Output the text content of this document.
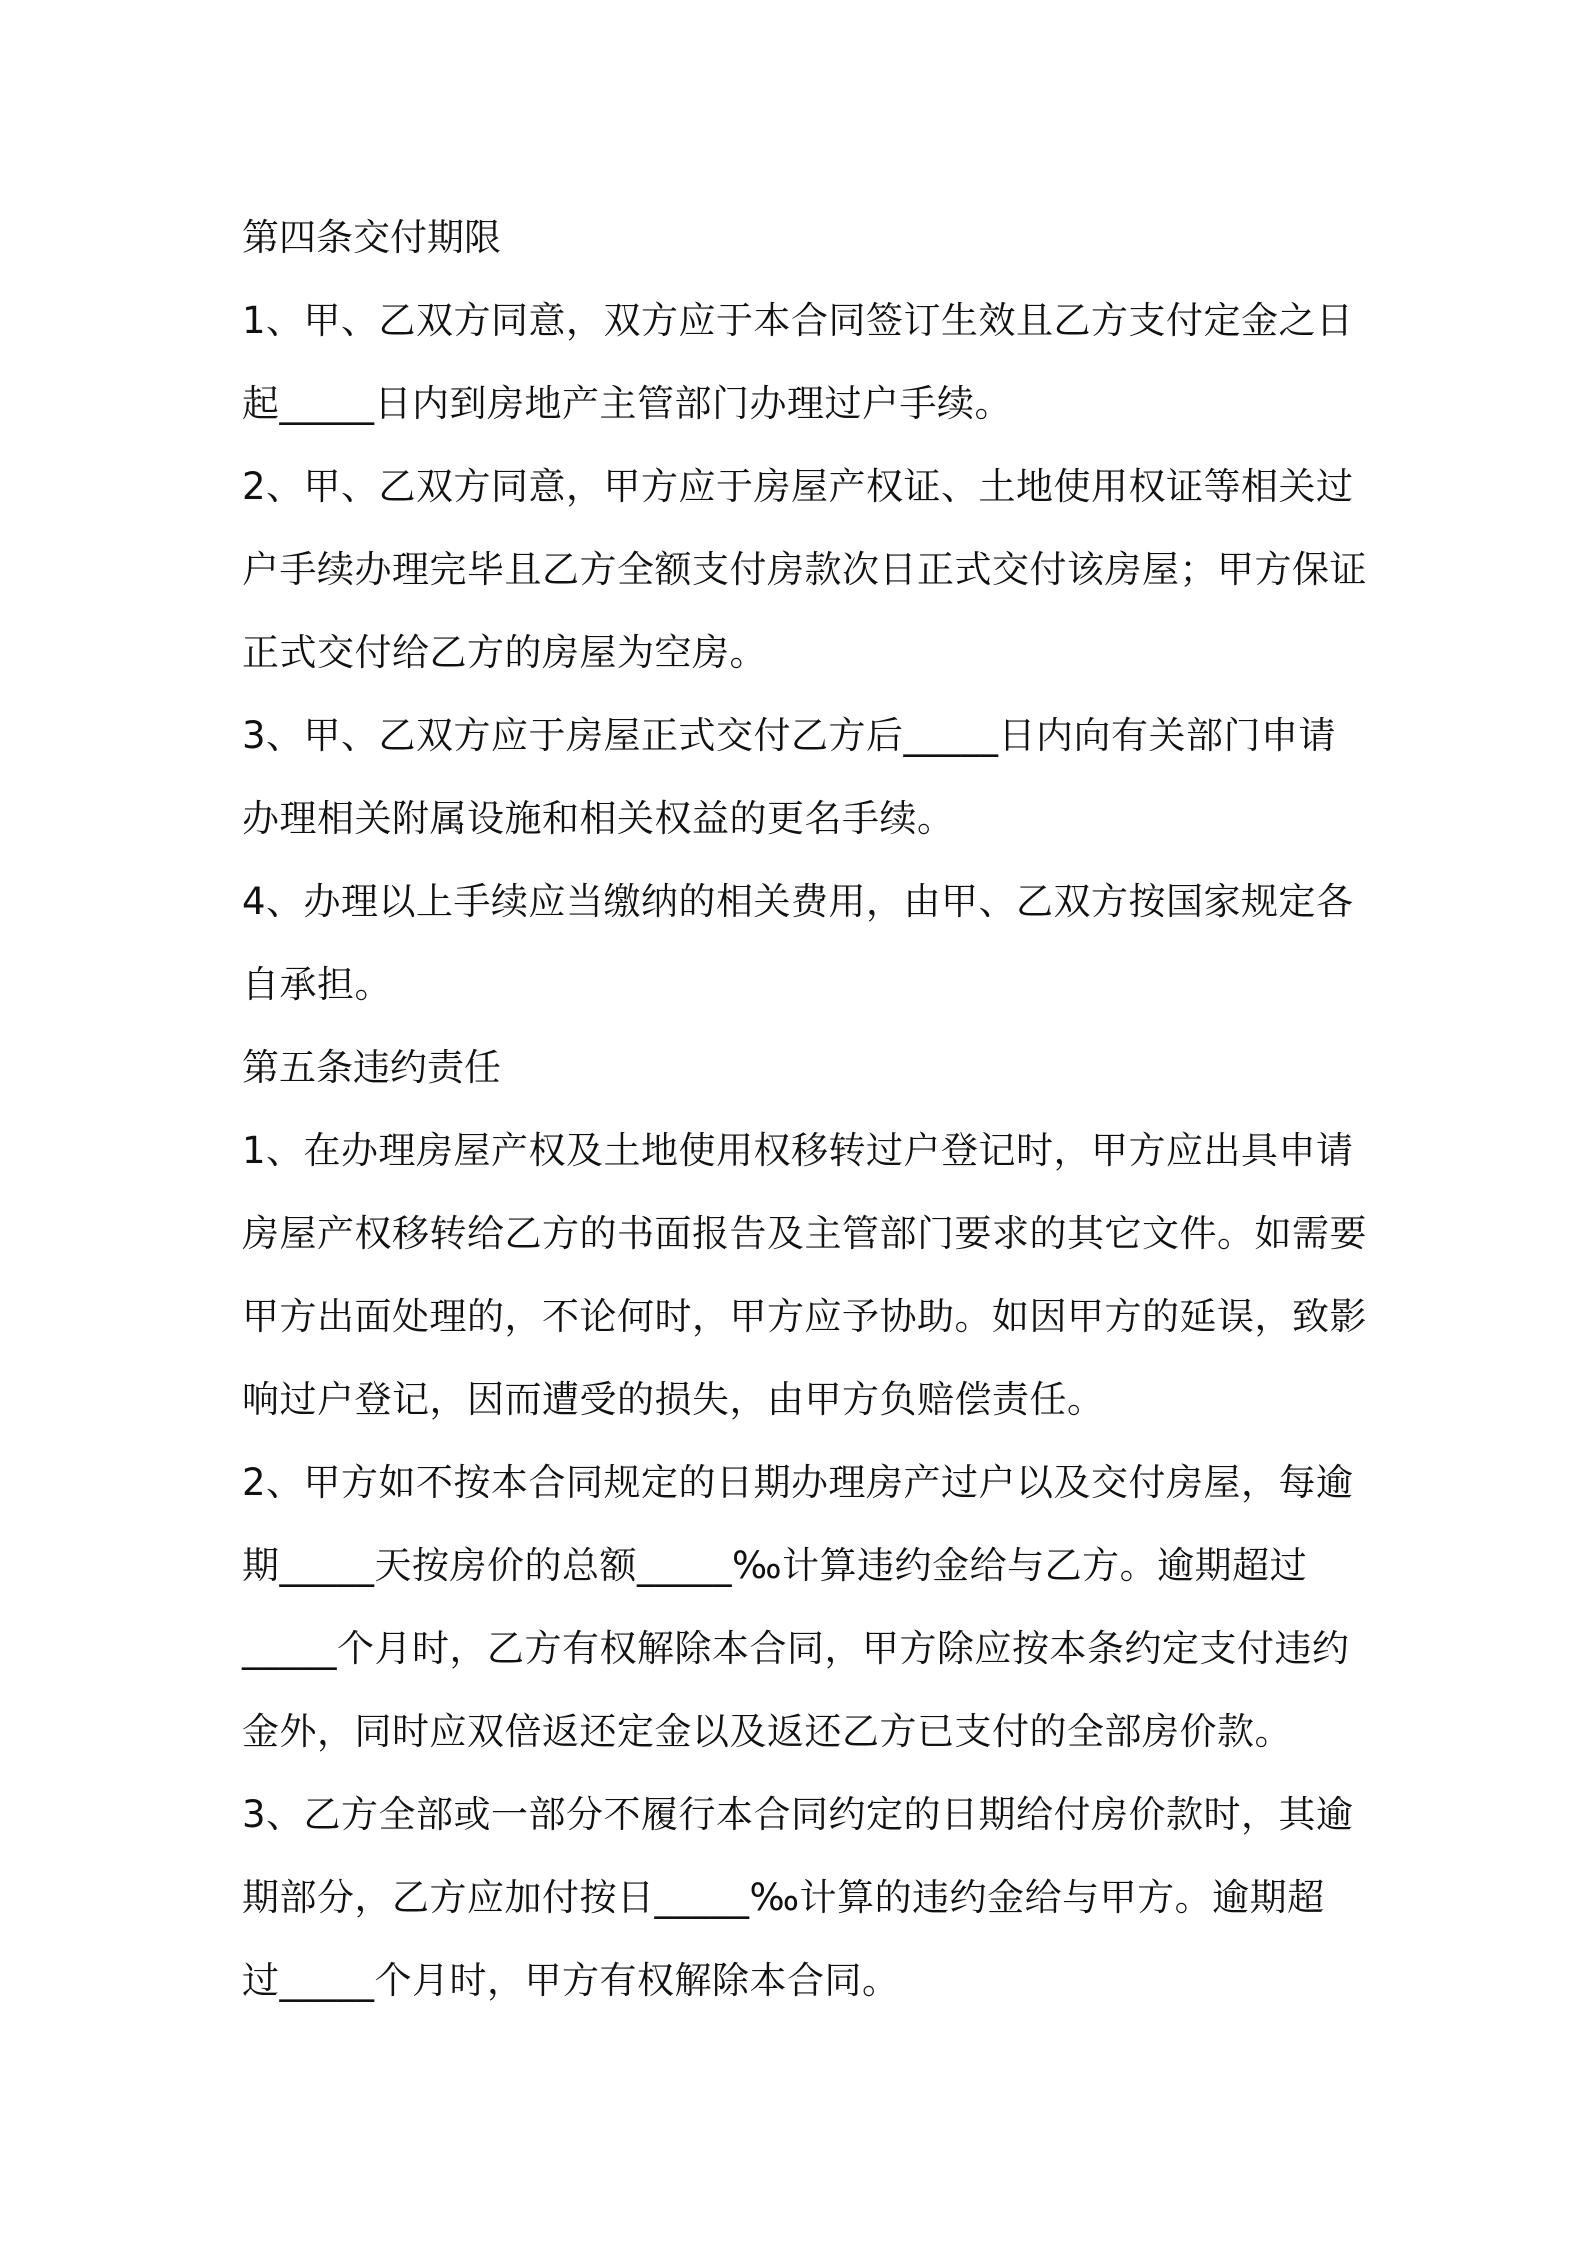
第四条交付期限
1、甲、乙双方同意，双方应于本合同签订生效且乙方支付定金之日
起_____日内到房地产主管部门办理过户手续。
2、甲、乙双方同意，甲方应于房屋产权证、土地使用权证等相关过
户手续办理完毕且乙方全额支付房款次日正式交付该房屋；甲方保证
正式交付给乙方的房屋为空房。
3、甲、乙双方应于房屋正式交付乙方后_____日内向有关部门申请
办理相关附属设施和相关权益的更名手续。
4、办理以上手续应当缴纳的相关费用，由甲、乙双方按国家规定各
自承担。
第五条违约责任
1、在办理房屋产权及土地使用权移转过户登记时，甲方应出具申请
房屋产权移转给乙方的书面报告及主管部门要求的其它文件。如需要
甲方出面处理的，不论何时，甲方应予协助。如因甲方的延误，致影
响过户登记，因而遭受的损失，由甲方负赔偿责任。
2、甲方如不按本合同规定的日期办理房产过户以及交付房屋，每逾
期_____天按房价的总额_____‰计算违约金给与乙方。逾期超过
_____个月时，乙方有权解除本合同，甲方除应按本条约定支付违约
金外，同时应双倍返还定金以及返还乙方已支付的全部房价款。
3、乙方全部或一部分不履行本合同约定的日期给付房价款时，其逾
期部分，乙方应加付按日_____‰计算的违约金给与甲方。逾期超
过_____个月时，甲方有权解除本合同。
